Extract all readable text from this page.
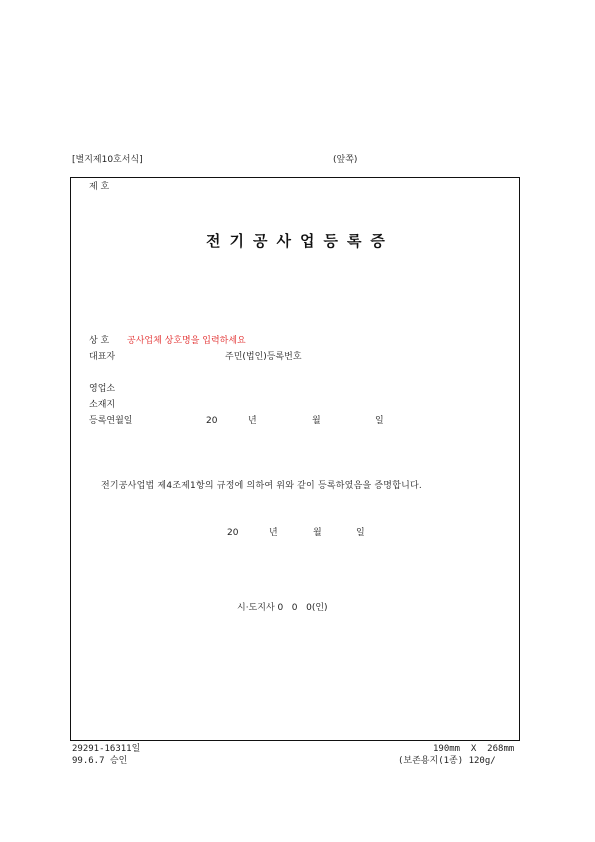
[별지제10호서식]	(앞쪽)
제 호
전기공사업등록증
상 호 공사업체 상호명을 입력하세요
대표자	주민(법인)등록번호
영업소
소재지
등록연월일	20	년	월	일
전기공사업법 제4조제1항의 규정에 의하여 위와 같이 등록하였음을 증명합니다.
20	년	월	일
시·도지사 0   0   0(인)
29291-16311일
99.6.7 승인
190mm  X  268mm
(보존용지(1종) 120g/
